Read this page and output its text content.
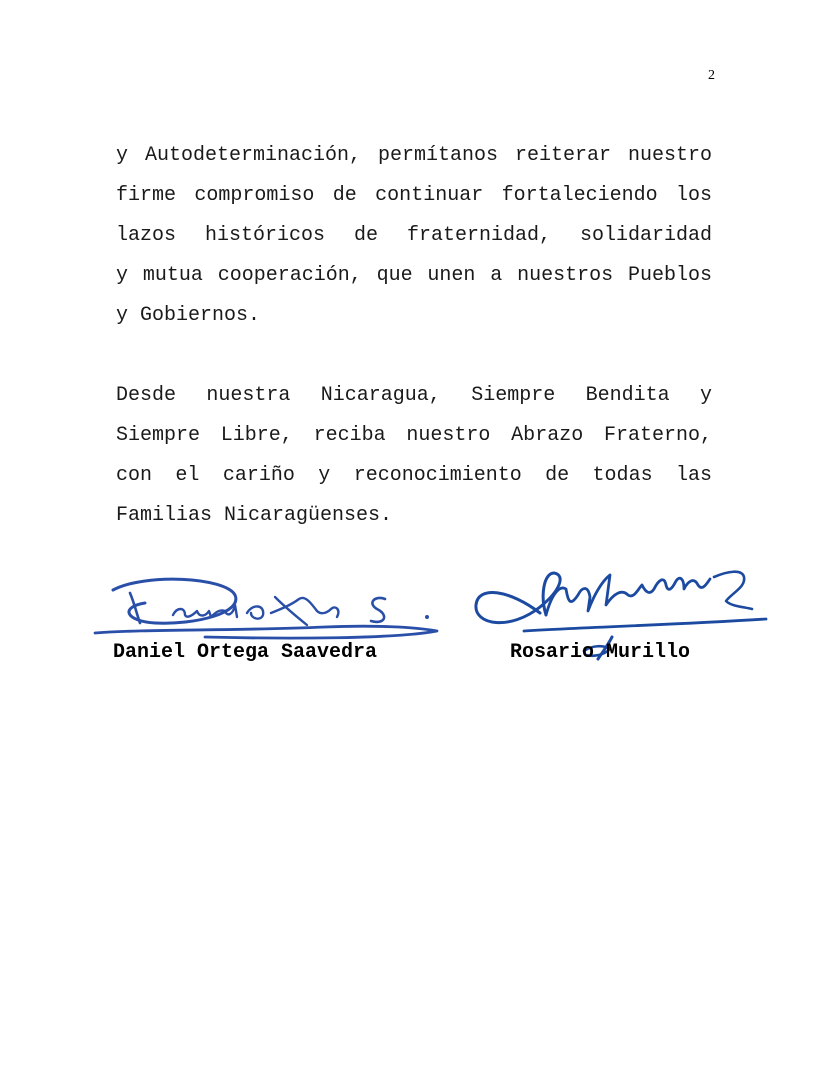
2
y Autodeterminación, permítanos reiterar nuestro
firme compromiso de continuar fortaleciendo los
lazos históricos de fraternidad, solidaridad
y mutua cooperación, que unen a nuestros Pueblos
y Gobiernos.
Desde nuestra Nicaragua, Siempre Bendita y
Siempre Libre, reciba nuestro Abrazo Fraterno,
con el cariño y reconocimiento de todas las
Familias Nicaragüenses.
Daniel Ortega Saavedra	Rosario Murillo
